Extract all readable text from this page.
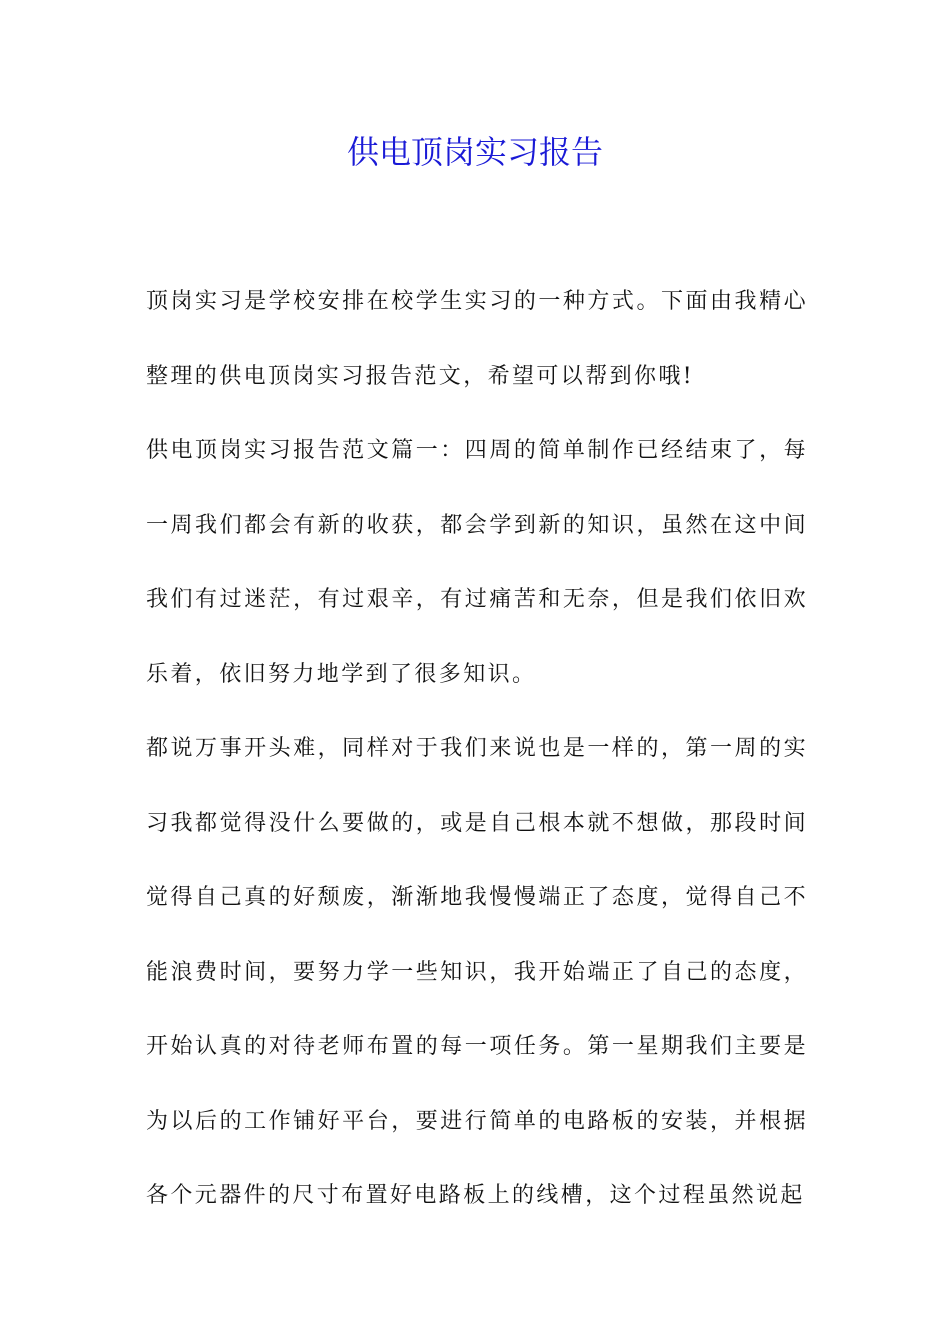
供电顶岗实习报告

顶岗实习是学校安排在校学生实习的一种方式。下面由我精心整理的供电顶岗实习报告范文，希望可以帮到你哦!

供电顶岗实习报告范文篇一：四周的简单制作已经结束了，每一周我们都会有新的收获，都会学到新的知识，虽然在这中间我们有过迷茫，有过艰辛，有过痛苦和无奈，但是我们依旧欢乐着，依旧努力地学到了很多知识。

都说万事开头难，同样对于我们来说也是一样的，第一周的实习我都觉得没什么要做的，或是自己根本就不想做，那段时间觉得自己真的好颓废，渐渐地我慢慢端正了态度，觉得自己不能浪费时间，要努力学一些知识，我开始端正了自己的态度，开始认真的对待老师布置的每一项任务。第一星期我们主要是为以后的工作铺好平台，要进行简单的电路板的安装，并根据各个元器件的尺寸布置好电路板上的线槽，这个过程虽然说起
